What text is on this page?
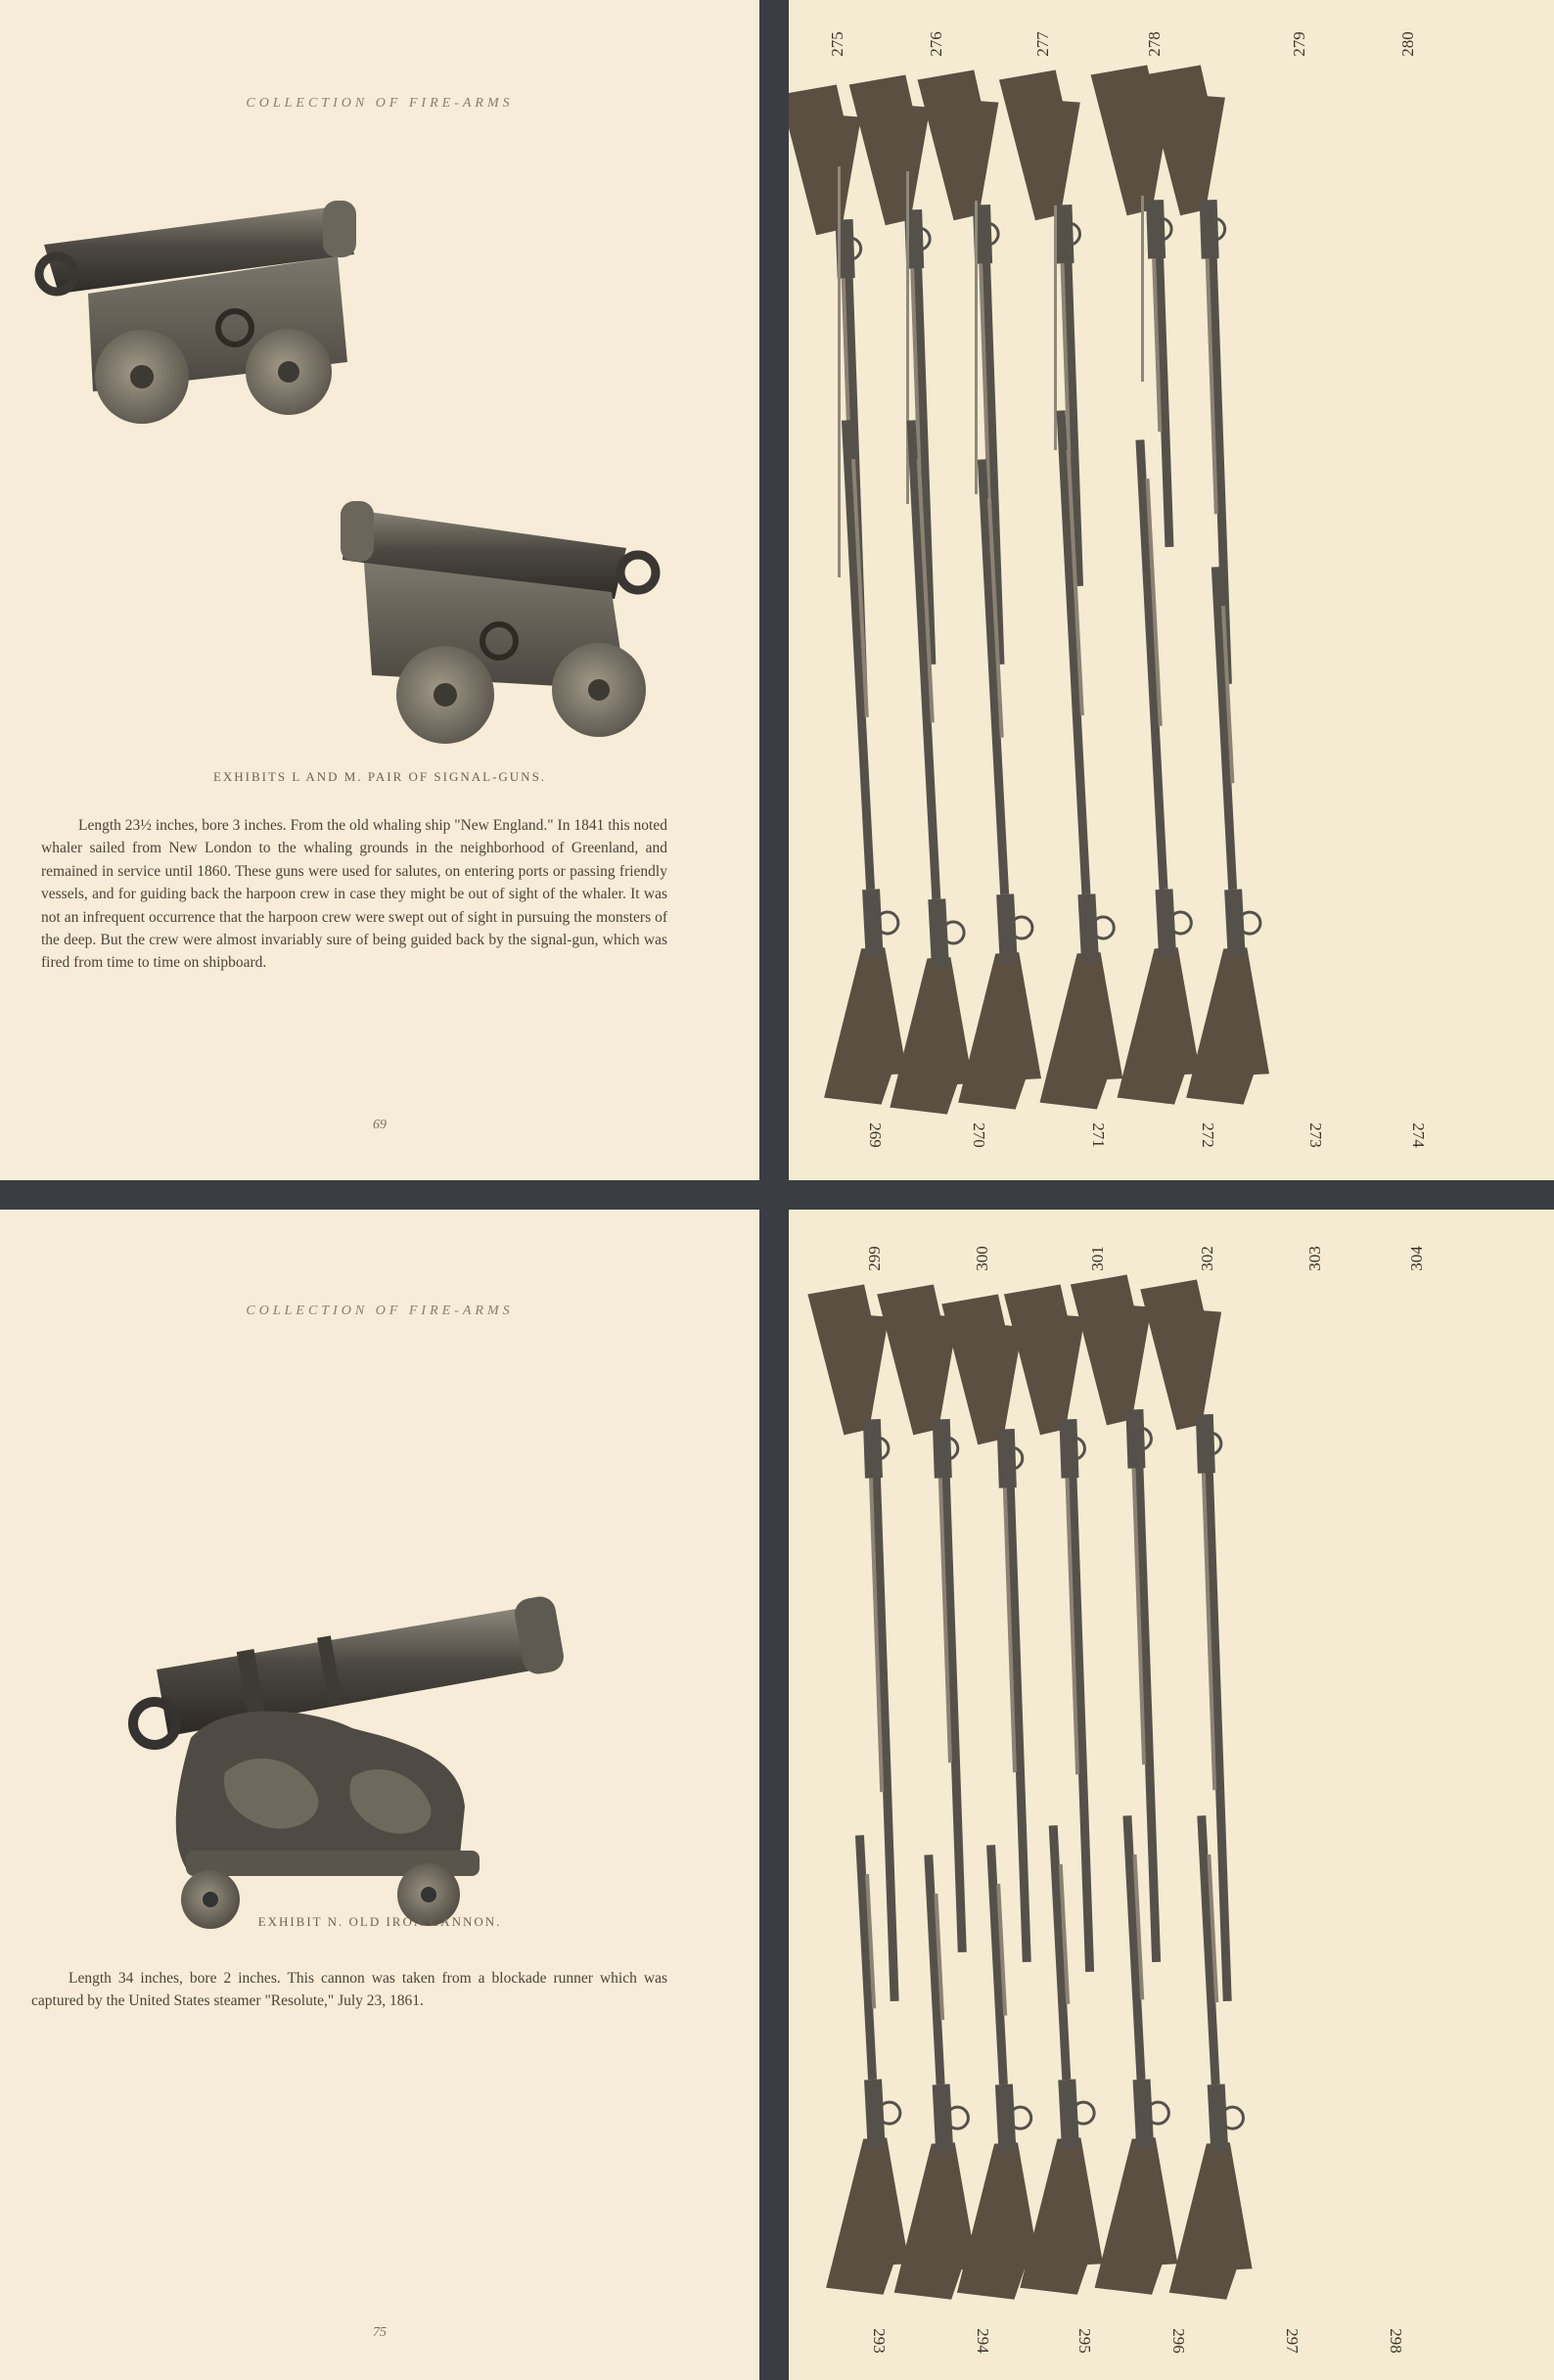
COLLECTION OF FIRE-ARMS
EXHIBITS L AND M. PAIR OF SIGNAL-GUNS.
Length 23½ inches, bore 3 inches. From the old whaling ship "New England." In 1841 this noted whaler sailed from New London to the whaling grounds in the neighborhood of Greenland, and remained in service until 1860. These guns were used for salutes, on entering ports or passing friendly vessels, and for guiding back the harpoon crew in case they might be out of sight of the whaler. It was not an infrequent occurrence that the harpoon crew were swept out of sight in pursuing the monsters of the deep. But the crew were almost invariably sure of being guided back by the signal-gun, which was fired from time to time on shipboard.
69
275	276	277	278	279	280
269	270	271	272	273	274
COLLECTION OF FIRE-ARMS
EXHIBIT N. OLD IRON CANNON.
Length 34 inches, bore 2 inches. This cannon was taken from a blockade runner which was captured by the United States steamer "Resolute," July 23, 1861.
75
299	300	301	302	303	304
293	294	295	296	297	298
